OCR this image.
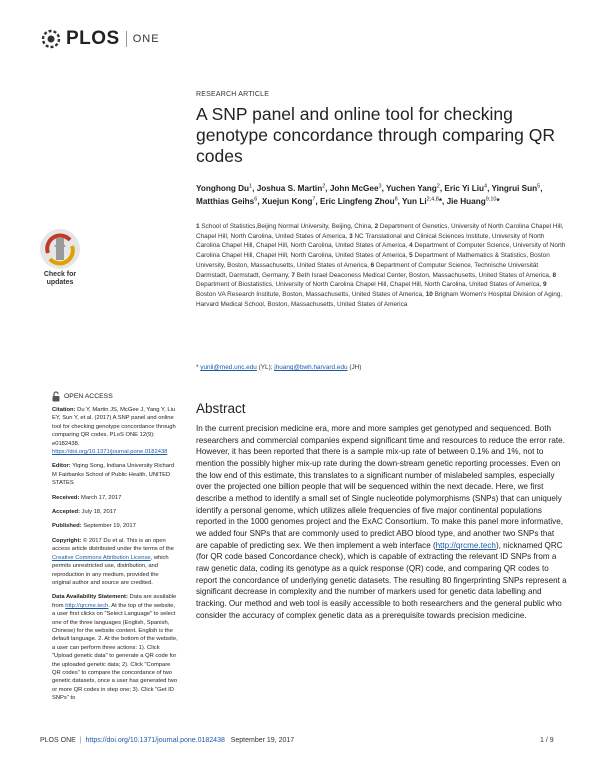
PLOS ONE
Check for
updates
OPEN ACCESS

Citation: Du Y, Martin JS, McGee J, Yang Y, Liu EY, Sun Y, et al. (2017) A SNP panel and online tool for checking genotype concordance through comparing QR codes. PLoS ONE 12(9): e0182438. https://doi.org/10.1371/journal.pone.0182438

Editor: Yiqing Song, Indiana University Richard M Fairbanks School of Public Health, UNITED STATES

Received: March 17, 2017

Accepted: July 18, 2017

Published: September 19, 2017

Copyright: © 2017 Du et al. This is an open access article distributed under the terms of the Creative Commons Attribution License, which permits unrestricted use, distribution, and reproduction in any medium, provided the original author and source are credited.

Data Availability Statement: Data are available from http://qrcme.tech. At the top of the website, a user first clicks on "Select Language" to select one of the three languages (English, Spanish, Chinese) for the website content. English is the default language. 2. At the bottom of the website, a user can perform three actions: 1). Click "Upload genetic data" to generate a QR code for the uploaded genetic data; 2). Click "Compare QR codes" to compare the concordance of two genetic datasets, once a user has generated two or more QR codes in step one; 3). Click "Get ID SNPs" to

RESEARCH ARTICLE
A SNP panel and online tool for checking genotype concordance through comparing QR codes
Yonghong Du$^1$, Joshua S. Martin$^2$, John McGee$^3$, Yuchen Yang$^2$, Eric Yi Liu$^4$, Yingrui Sun$^5$, Matthias Geihs$^6$, Xuejun Kong$^7$, Eric Lingfeng Zhou$^8$, Yun Li$^{2,4,8}$*, Jie Huang$^{9,10}$*
1 School of Statistics,Beijing Normal University, Beijing, China, 2 Department of Genetics, University of North Carolina Chapel Hill, Chapel Hill, North Carolina, United States of America, 3 NC Translational and Clinical Sciences Institute, University of North Carolina Chapel Hill, Chapel Hill, North Carolina, United States of America, 4 Department of Computer Science, University of North Carolina Chapel Hill, Chapel Hill, North Carolina, United States of America, 5 Department of Mathematics & Statistics, Boston University, Boston, Massachusetts, United States of America, 6 Department of Computer Science, Technische Universität Darmstadt, Darmstadt, Germany, 7 Beth Israel Deaconess Medical Center, Boston, Massachusetts, United States of America, 8 Department of Biostatistics, University of North Carolina Chapel Hill, Chapel Hill, North Carolina, United States of America, 9 Boston VA Research Institute, Boston, Massachusetts, United States of America, 10 Brigham Women's Hospital Division of Aging, Harvard Medical School, Boston, Massachusetts, United States of America
* yunli@med.unc.edu (YL); jhuang@bwh.harvard.edu (JH)
Abstract
In the current precision medicine era, more and more samples get genotyped and sequenced. Both researchers and commercial companies expend significant time and resources to reduce the error rate. However, it has been reported that there is a sample mix-up rate of between 0.1% and 1%, not to mention the possibly higher mix-up rate during the down-stream genetic reporting processes. Even on the low end of this estimate, this translates to a significant number of mislabeled samples, especially over the projected one billion people that will be sequenced within the next decade. Here, we first describe a method to identify a small set of Single nucleotide polymorphisms (SNPs) that can uniquely identify a personal genome, which utilizes allele frequencies of five major continental populations reported in the 1000 genomes project and the ExAC Consortium. To make this panel more informative, we added four SNPs that are commonly used to predict ABO blood type, and another two SNPs that are capable of predicting sex. We then implement a web interface (http://qrcme.tech), nicknamed QRC (for QR code based Concordance check), which is capable of extracting the relevant ID SNPs from a raw genetic data, coding its genotype as a quick response (QR) code, and comparing QR codes to report the concordance of underlying genetic datasets. The resulting 80 fingerprinting SNPs represent a significant decrease in complexity and the number of markers used for genetic data labelling and tracking. Our method and web tool is easily accessible to both researchers and the general public who consider the accuracy of complex genetic data as a prerequisite towards precision medicine.
PLOS ONE | https://doi.org/10.1371/journal.pone.0182438 September 19, 2017	1 / 9
